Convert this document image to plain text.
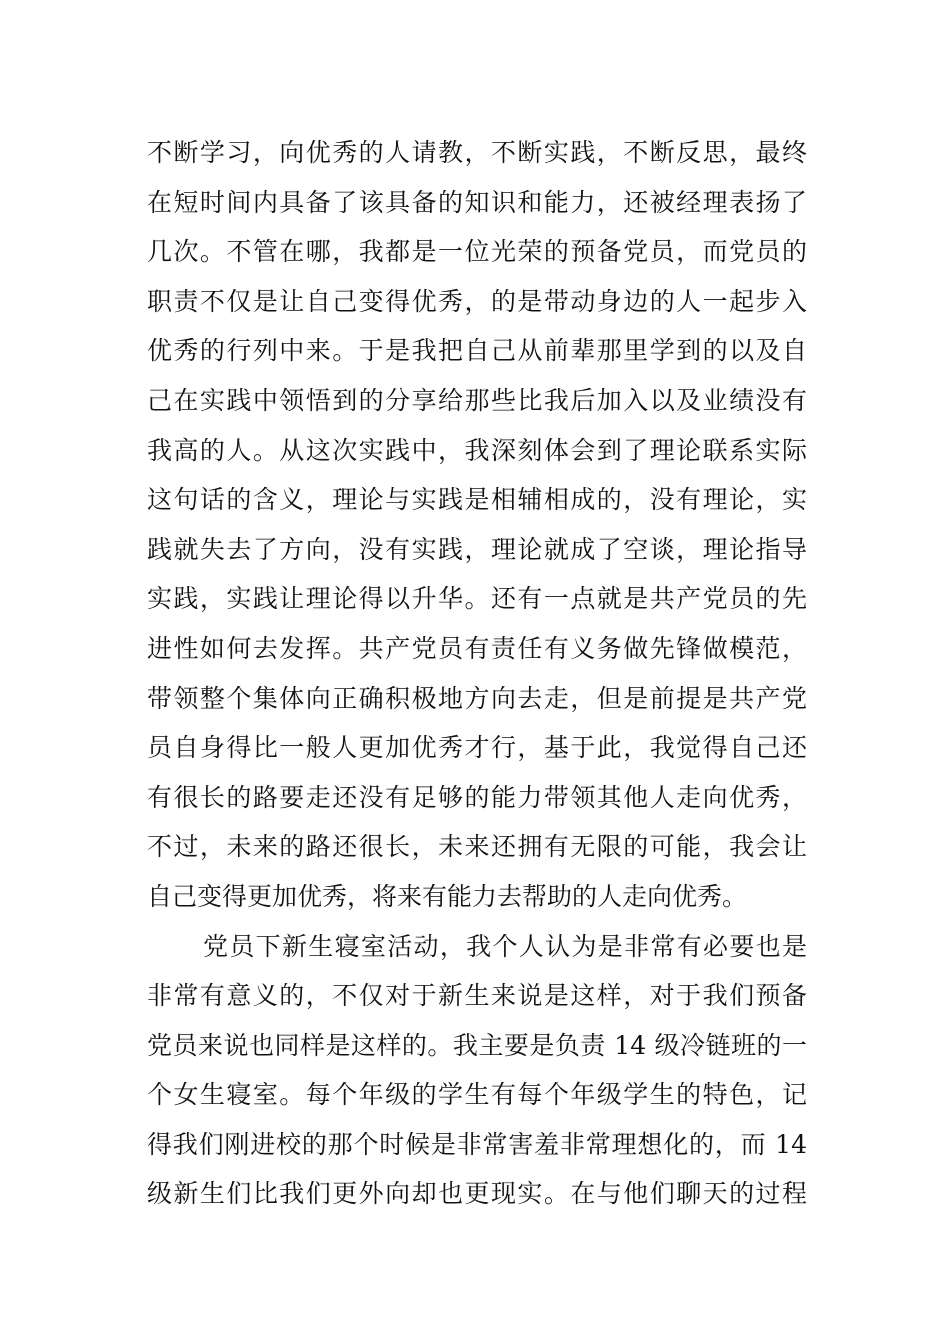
不断学习，向优秀的人请教，不断实践，不断反思，最终
在短时间内具备了该具备的知识和能力，还被经理表扬了
几次。不管在哪，我都是一位光荣的预备党员，而党员的
职责不仅是让自己变得优秀，的是带动身边的人一起步入
优秀的行列中来。于是我把自己从前辈那里学到的以及自
己在实践中领悟到的分享给那些比我后加入以及业绩没有
我高的人。从这次实践中，我深刻体会到了理论联系实际
这句话的含义，理论与实践是相辅相成的，没有理论，实
践就失去了方向，没有实践，理论就成了空谈，理论指导
实践，实践让理论得以升华。还有一点就是共产党员的先
进性如何去发挥。共产党员有责任有义务做先锋做模范，
带领整个集体向正确积极地方向去走，但是前提是共产党
员自身得比一般人更加优秀才行，基于此，我觉得自己还
有很长的路要走还没有足够的能力带领其他人走向优秀，
不过，未来的路还很长，未来还拥有无限的可能，我会让
自己变得更加优秀，将来有能力去帮助的人走向优秀。
党员下新生寝室活动，我个人认为是非常有必要也是
非常有意义的，不仅对于新生来说是这样，对于我们预备
党员来说也同样是这样的。我主要是负责 14 级冷链班的一
个女生寝室。每个年级的学生有每个年级学生的特色，记
得我们刚进校的那个时候是非常害羞非常理想化的，而 14
级新生们比我们更外向却也更现实。在与他们聊天的过程
